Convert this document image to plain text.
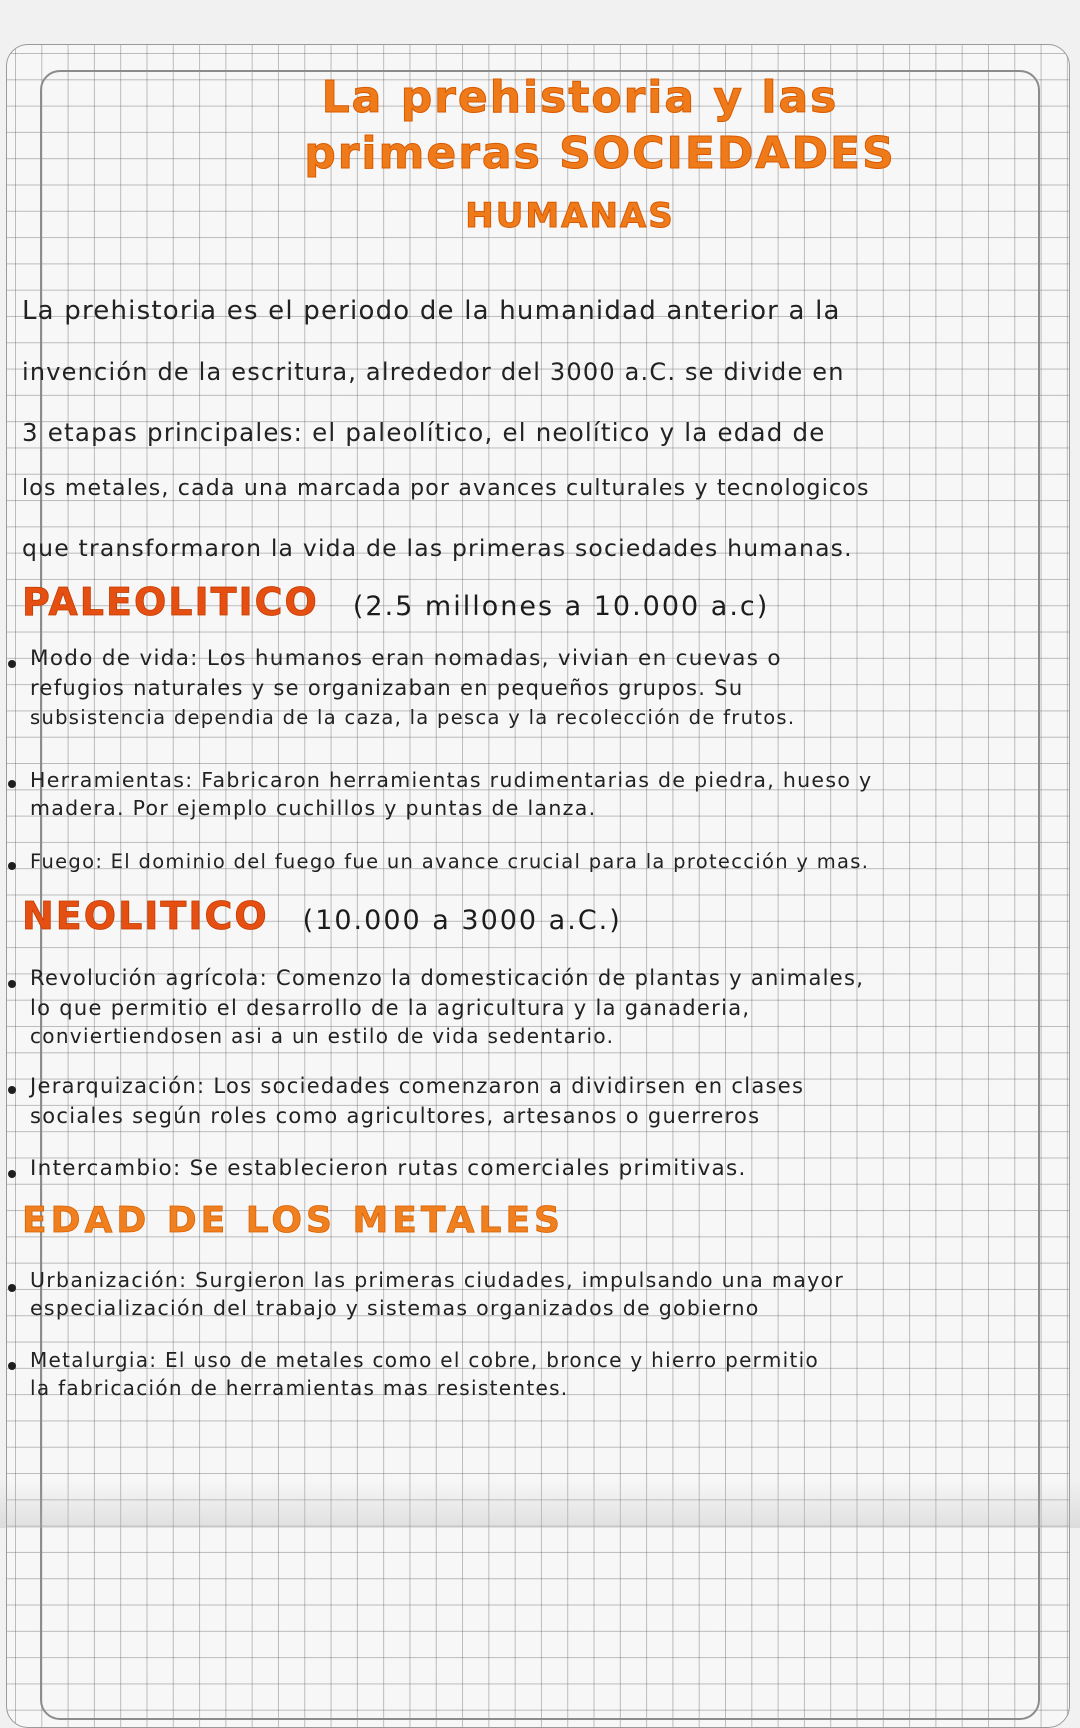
La prehistoria y las
primeras SOCIEDADES
HUMANAS
La prehistoria es el periodo de la humanidad anterior a la
invención de la escritura, alrededor del 3000 a.C. se divide en
3 etapas principales: el paleolítico, el neolítico y la edad de
los metales, cada una marcada por avances culturales y tecnologicos
que transformaron la vida de las primeras sociedades humanas.
PALEOLITICO (2.5 millones a 10.000 a.c)
Modo de vida: Los humanos eran nomadas, vivian en cuevas o
refugios naturales y se organizaban en pequeños grupos. Su
subsistencia dependia de la caza, la pesca y la recolección de frutos.
Herramientas: Fabricaron herramientas rudimentarias de piedra, hueso y
madera. Por ejemplo cuchillos y puntas de lanza.
Fuego: El dominio del fuego fue un avance crucial para la protección y mas.
NEOLITICO (10.000 a 3000 a.C.)
Revolución agrícola: Comenzo la domesticación de plantas y animales,
lo que permitio el desarrollo de la agricultura y la ganaderia,
conviertiendosen asi a un estilo de vida sedentario.
Jerarquización: Los sociedades comenzaron a dividirsen en clases
sociales según roles como agricultores, artesanos o guerreros
Intercambio: Se establecieron rutas comerciales primitivas.
EDAD DE LOS METALES
Urbanización: Surgieron las primeras ciudades, impulsando una mayor
especialización del trabajo y sistemas organizados de gobierno
Metalurgia: El uso de metales como el cobre, bronce y hierro permitio
la fabricación de herramientas mas resistentes.
